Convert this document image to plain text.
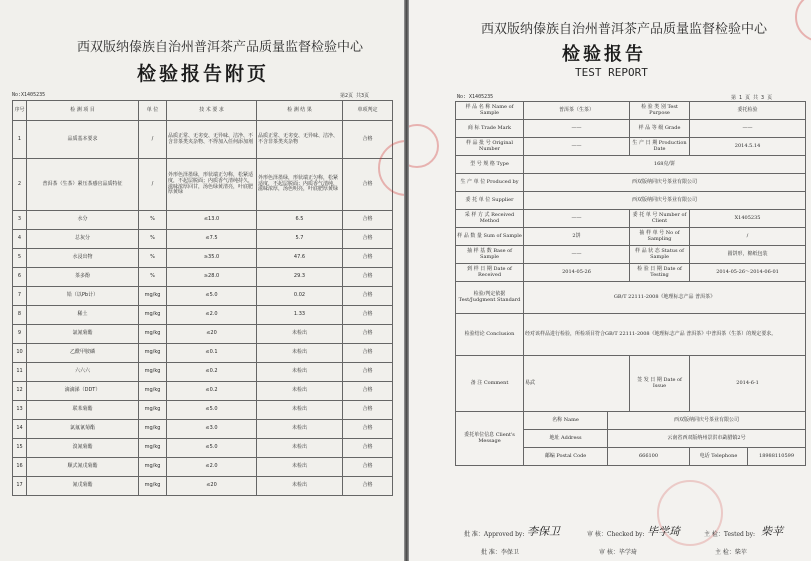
西双版纳傣族自治州普洱茶产品质量监督检验中心
检验报告附页
No:X1405235	第2页 共3页
序号	检 测 项 目	单 位	技 术 要 求	检 测 结 果	单项判定
1	品质基本要求	/	品质正常、无劣变、无异味、洁净、不含非茶类夹杂物、不得加入任何添加剂	品质正常、无劣变、无异味、洁净、不含非茶类夹杂物	合格
2	普洱茶（生茶）紧压茶感官品质特征	/	外形色泽墨绿，形状端正匀称，松紧适度，不起层脱面；内质香气清纯持久，滋味浓厚回甘，汤色绿黄清亮，叶底肥厚黄绿	外形色泽墨绿，形状端正匀称，松紧适度，不起层脱面；内质香气清纯，滋味浓厚，汤色明亮，叶底肥厚黄绿	合格
3	水分	%	≤13.0	6.5	合格
4	总灰分	%	≤7.5	5.7	合格
5	水浸出物	%	≥35.0	47.6	合格
6	茶多酚	%	≥28.0	29.3	合格
7	铅（以Pb计）	mg/kg	≤5.0	0.02	合格
8	稀土	mg/kg	≤2.0	1.33	合格
9	氯氰菊酯	mg/kg	≤20	未检出	合格
10	乙酰甲胺磷	mg/kg	≤0.1	未检出	合格
11	六六六	mg/kg	≤0.2	未检出	合格
12	滴滴涕（DDT）	mg/kg	≤0.2	未检出	合格
13	联苯菊酯	mg/kg	≤5.0	未检出	合格
14	氯氟氰菊酯	mg/kg	≤3.0	未检出	合格
15	溴氰菊酯	mg/kg	≤5.0	未检出	合格
16	顺式氰戊菊酯	mg/kg	≤2.0	未检出	合格
17	氰戊菊酯	mg/kg	≤20	未检出	合格
西双版纳傣族自治州普洱茶产品质量监督检验中心
检验报告
TEST REPORT
No: X1405235	第 1 页 共 3 页
样 品 名 称 Name of Sample	普洱茶（生茶）		检 验 类 别 Test Purpose	委托检验	
商 标 Trade Mark	——		样 品 等 级 Grade	——	
样 品 批 号 Original Number	——		生 产 日 期 Production Date	2014.5.14	
型 号 规 格 Type	168克/饼				
生 产 单 位 Produced by	西双版纳同庆号茶业有限公司				
委 托 单 位 Supplier	西双版纳同庆号茶业有限公司				
采 样 方 式 Received Method	——		委 托 单 号 Number of Client	X1405235	
样 品 数 量 Sum of Sample	2饼		抽 样 单 号 No of Sampling	/	
抽 样 基 数 Base of Sample	——		样 品 状 态 Status of Sample	圆饼形，棉纸包装	
到 样 日 期 Date of Received	2014-05-26		检 验 日 期 Date of Testing	2014-05-26～2014-06-01	
检验/判定依据 Test/Judgment Standard	GB/T 22111-2008《地理标志产品 普洱茶》				
检验结论 Conclusion	经对该样品进行检验，所检项目符合GB/T 22111-2008《地理标志产品 普洱茶》中普洱茶（生茶）的规定要求。				
备 注 Comment	易武		签 发 日 期 Date of Issue	2014-6-1	
委托单位信息 Client's Message	名称 Name	西双版纳同庆号茶业有限公司			
	地址 Address	云南省西双版纳州景洪市勐腊镇2号			
	邮编 Postal Code	666100		电话 Telephone	18988110599
批 准：Approved by: 李保卫	审 核：Checked by: 毕学琦	主 检：Tested by: 柴苹
批 准：李保卫	审 核：毕学琦	主 检：柴苹
